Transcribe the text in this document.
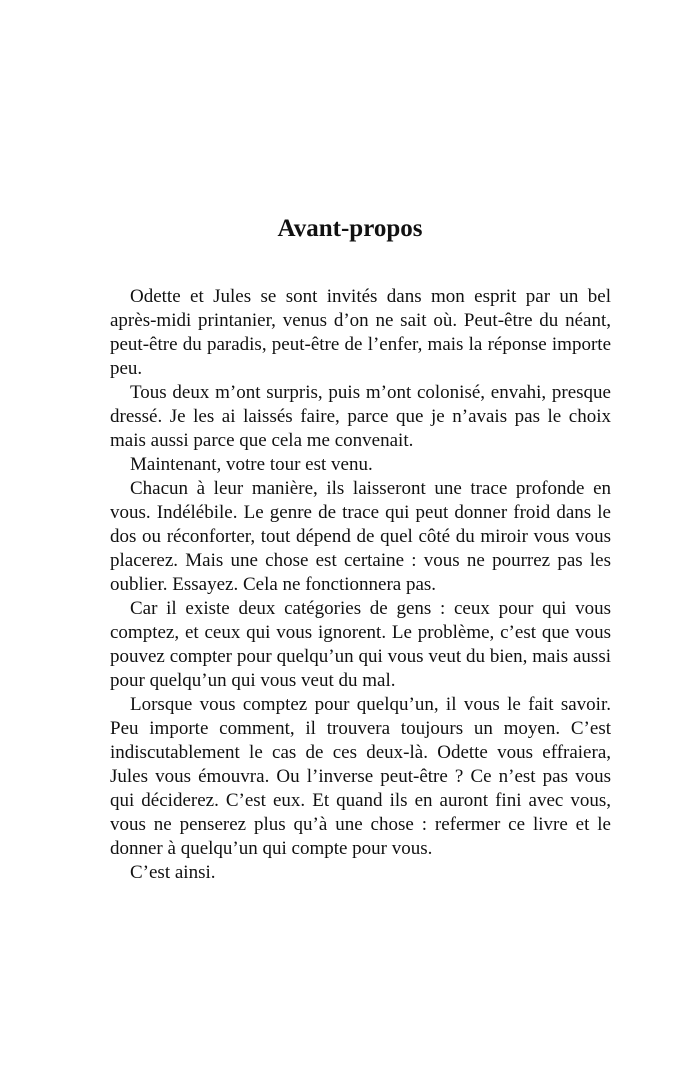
Avant-propos

Odette et Jules se sont invités dans mon esprit par un bel après-midi printanier, venus d’on ne sait où. Peut-être du néant, peut-être du paradis, peut-être de l’enfer, mais la réponse importe peu.

Tous deux m’ont surpris, puis m’ont colonisé, envahi, presque dressé. Je les ai laissés faire, parce que je n’avais pas le choix mais aussi parce que cela me convenait.

Maintenant, votre tour est venu.

Chacun à leur manière, ils laisseront une trace profonde en vous. Indélébile. Le genre de trace qui peut donner froid dans le dos ou réconforter, tout dépend de quel côté du miroir vous vous placerez. Mais une chose est certaine : vous ne pourrez pas les oublier. Essayez. Cela ne fonctionnera pas.

Car il existe deux catégories de gens : ceux pour qui vous comptez, et ceux qui vous ignorent. Le problème, c’est que vous pouvez compter pour quelqu’un qui vous veut du bien, mais aussi pour quelqu’un qui vous veut du mal.

Lorsque vous comptez pour quelqu’un, il vous le fait savoir. Peu importe comment, il trouvera toujours un moyen. C’est indiscutablement le cas de ces deux-là. Odette vous effraiera, Jules vous émouvra. Ou l’inverse peut-être ? Ce n’est pas vous qui déciderez. C’est eux. Et quand ils en auront fini avec vous, vous ne penserez plus qu’à une chose : refermer ce livre et le donner à quelqu’un qui compte pour vous.

C’est ainsi.
